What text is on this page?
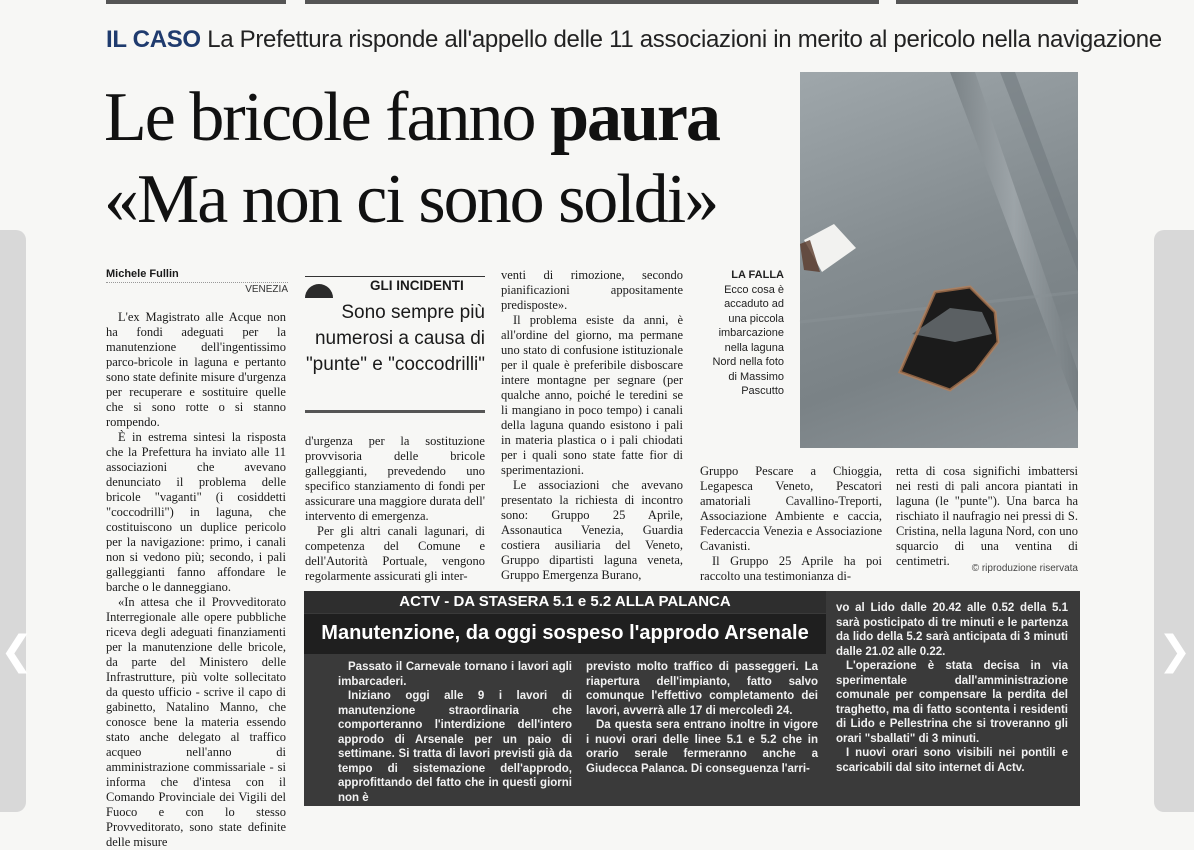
IL CASO La Prefettura risponde all'appello delle 11 associazioni in merito al pericolo nella navigazione
Le bricole fanno paura
«Ma non ci sono soldi»
Michele Fullin
VENEZIA

L'ex Magistrato alle Acque non ha fondi adeguati per la manutenzione dell'ingentissimo parco-bricole in laguna e pertanto sono state definite misure d'urgenza per recuperare e sostituire quelle che si sono rotte o si stanno rompendo.

È in estrema sintesi la risposta che la Prefettura ha inviato alle 11 associazioni che avevano denunciato il problema delle bricole "vaganti" (i cosiddetti "coccodrilli") in laguna, che costituiscono un duplice pericolo per la navigazione: primo, i canali non si vedono più; secondo, i pali galleggianti fanno affondare le barche o le danneggiano.

«In attesa che il Provveditorato Interregionale alle opere pubbliche riceva degli adeguati finanziamenti per la manutenzione delle bricole, da parte del Ministero delle Infrastrutture, più volte sollecitato da questo ufficio - scrive il capo di gabinetto, Natalino Manno, che conosce bene la materia essendo stato anche delegato al traffico acqueo nell'anno di amministrazione commissariale - si informa che d'intesa con il Comando Provinciale dei Vigili del Fuoco e con lo stesso Provveditorato, sono state definite delle misure

GLI INCIDENTI
Sono sempre più numerosi a causa di "punte" e "coccodrilli"

d'urgenza per la sostituzione provvisoria delle bricole galleggianti, prevedendo uno specifico stanziamento di fondi per assicurare una maggiore durata dell' intervento di emergenza.

Per gli altri canali lagunari, di competenza del Comune e dell'Autorità Portuale, vengono regolarmente assicurati gli inter-

venti di rimozione, secondo pianificazioni appositamente predisposte».

Il problema esiste da anni, è all'ordine del giorno, ma permane uno stato di confusione istituzionale per il quale è preferibile disboscare intere montagne per segnare (per qualche anno, poiché le teredini se li mangiano in poco tempo) i canali della laguna quando esistono i pali in materia plastica o i pali chiodati per i quali sono state fatte fior di sperimentazioni.

Le associazioni che avevano presentato la richiesta di incontro sono: Gruppo 25 Aprile, Assonautica Venezia, Guardia costiera ausiliaria del Veneto, Gruppo dipartisti laguna veneta, Gruppo Emergenza Burano,

LA FALLA Ecco cosa è accaduto ad una piccola imbarcazione nella laguna Nord nella foto di Massimo Pascutto

Gruppo Pescare a Chioggia, Legapesca Veneto, Pescatori amatoriali Cavallino-Treporti, Associazione Ambiente e caccia, Federcaccia Venezia e Associazione Cavanisti.

Il Gruppo 25 Aprile ha poi raccolto una testimonianza di-

retta di cosa significhi imbattersi nei resti di pali ancora piantati in laguna (le "punte"). Una barca ha rischiato il naufragio nei pressi di S. Cristina, nella laguna Nord, con uno squarcio di una ventina di centimetri.

© riproduzione riservata
ACTV - DA STASERA 5.1 e 5.2 ALLA PALANCA
Manutenzione, da oggi sospeso l'approdo Arsenale

Passato il Carnevale tornano i lavori agli imbarcaderi.

Iniziano oggi alle 9 i lavori di manutenzione straordinaria che comporteranno l'interdizione dell'intero approdo di Arsenale per un paio di settimane. Si tratta di lavori previsti già da tempo di sistemazione dell'approdo, approfittando del fatto che in questi giorni non è

previsto molto traffico di passeggeri. La riapertura dell'impianto, fatto salvo comunque l'effettivo completamento dei lavori, avverrà alle 17 di mercoledì 24.

Da questa sera entrano inoltre in vigore i nuovi orari delle linee 5.1 e 5.2 che in orario serale fermeranno anche a Giudecca Palanca. Di conseguenza l'arri-

vo al Lido dalle 20.42 alle 0.52 della 5.1 sarà posticipato di tre minuti e le partenza da lido della 5.2 sarà anticipata di 3 minuti dalle 21.02 alle 0.22.

L'operazione è stata decisa in via sperimentale dall'amministrazione comunale per compensare la perdita del traghetto, ma di fatto scontenta i residenti di Lido e Pellestrina che si troveranno gli orari "sballati" di 3 minuti.

I nuovi orari sono visibili nei pontili e scaricabili dal sito internet di Actv.

❮	❯
